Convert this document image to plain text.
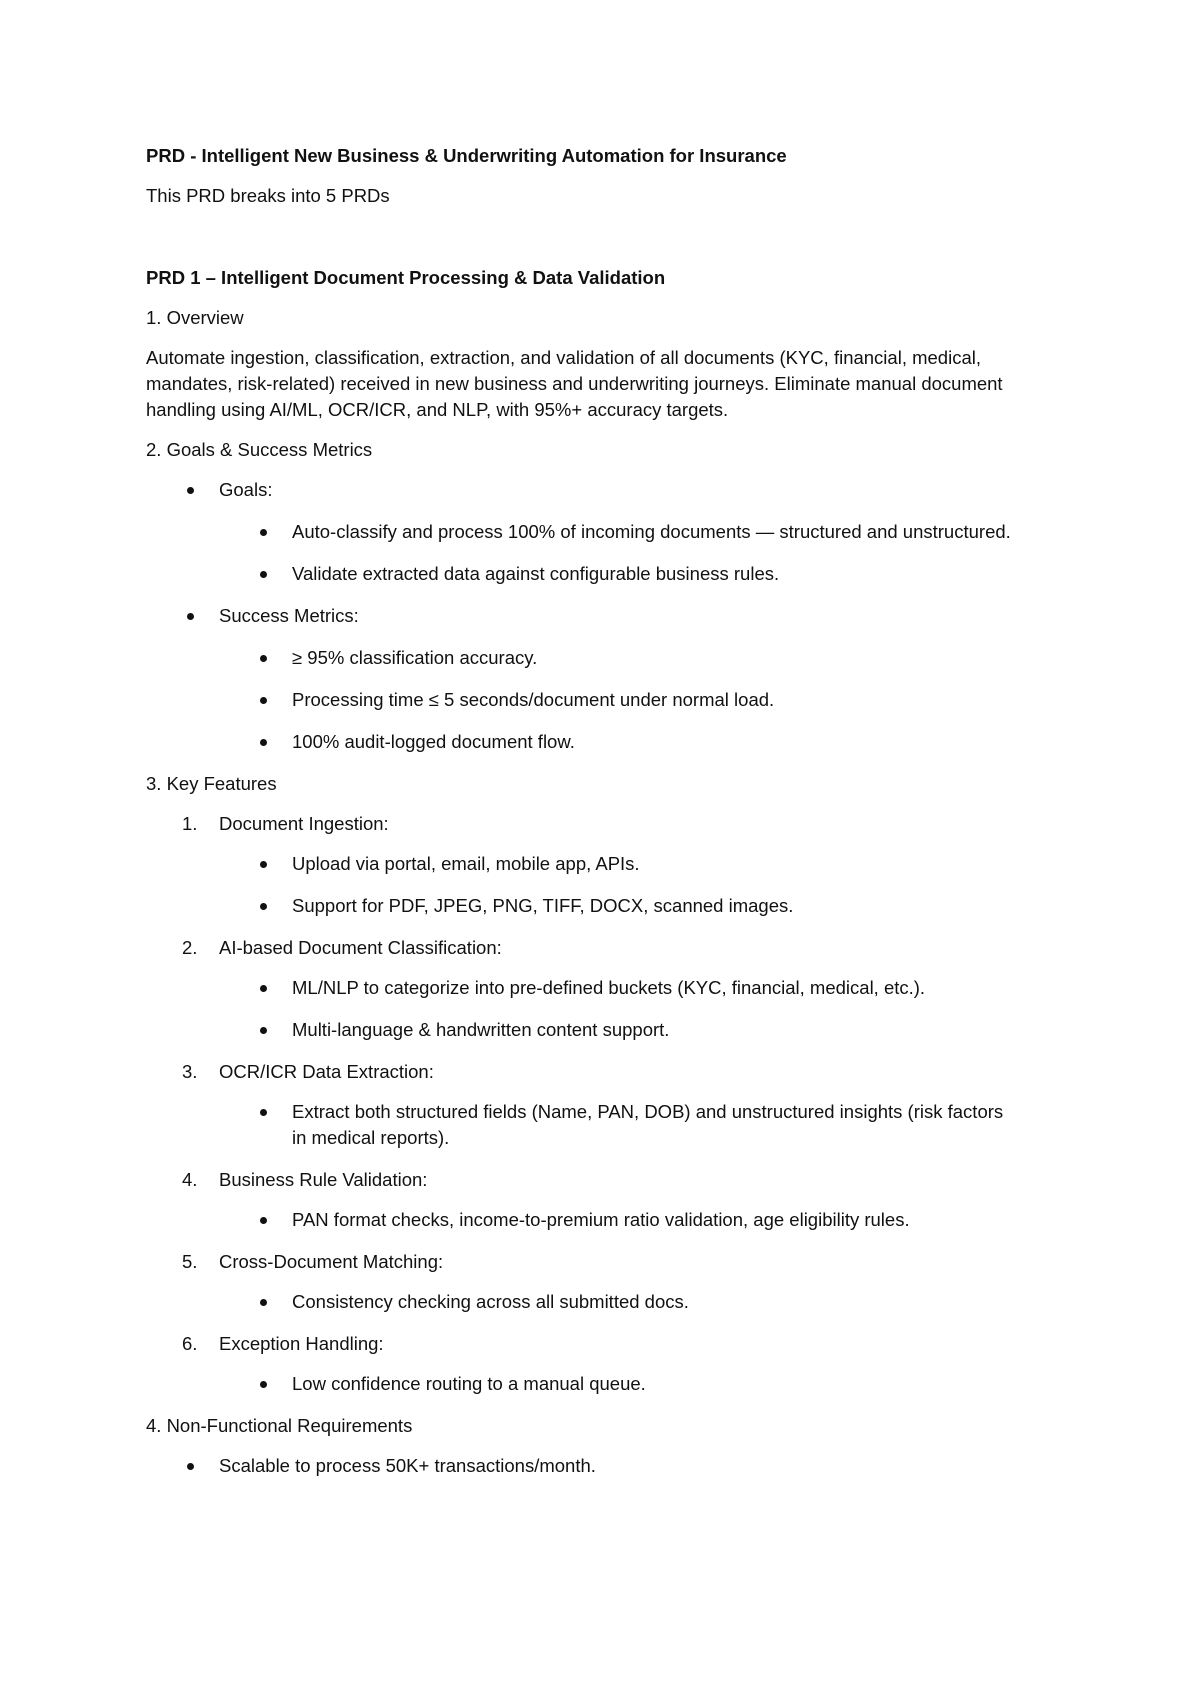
PRD - Intelligent New Business & Underwriting Automation for Insurance
This PRD breaks into 5 PRDs
PRD 1 – Intelligent Document Processing & Data Validation
1. Overview
Automate ingestion, classification, extraction, and validation of all documents (KYC, financial, medical, mandates, risk-related) received in new business and underwriting journeys. Eliminate manual document handling using AI/ML, OCR/ICR, and NLP, with 95%+ accuracy targets.
2. Goals & Success Metrics
Goals:
Auto-classify and process 100% of incoming documents — structured and unstructured.
Validate extracted data against configurable business rules.
Success Metrics:
≥ 95% classification accuracy.
Processing time ≤ 5 seconds/document under normal load.
100% audit-logged document flow.
3. Key Features
1. Document Ingestion:
Upload via portal, email, mobile app, APIs.
Support for PDF, JPEG, PNG, TIFF, DOCX, scanned images.
2. AI-based Document Classification:
ML/NLP to categorize into pre-defined buckets (KYC, financial, medical, etc.).
Multi-language & handwritten content support.
3. OCR/ICR Data Extraction:
Extract both structured fields (Name, PAN, DOB) and unstructured insights (risk factors in medical reports).
4. Business Rule Validation:
PAN format checks, income-to-premium ratio validation, age eligibility rules.
5. Cross-Document Matching:
Consistency checking across all submitted docs.
6. Exception Handling:
Low confidence routing to a manual queue.
4. Non-Functional Requirements
Scalable to process 50K+ transactions/month.
